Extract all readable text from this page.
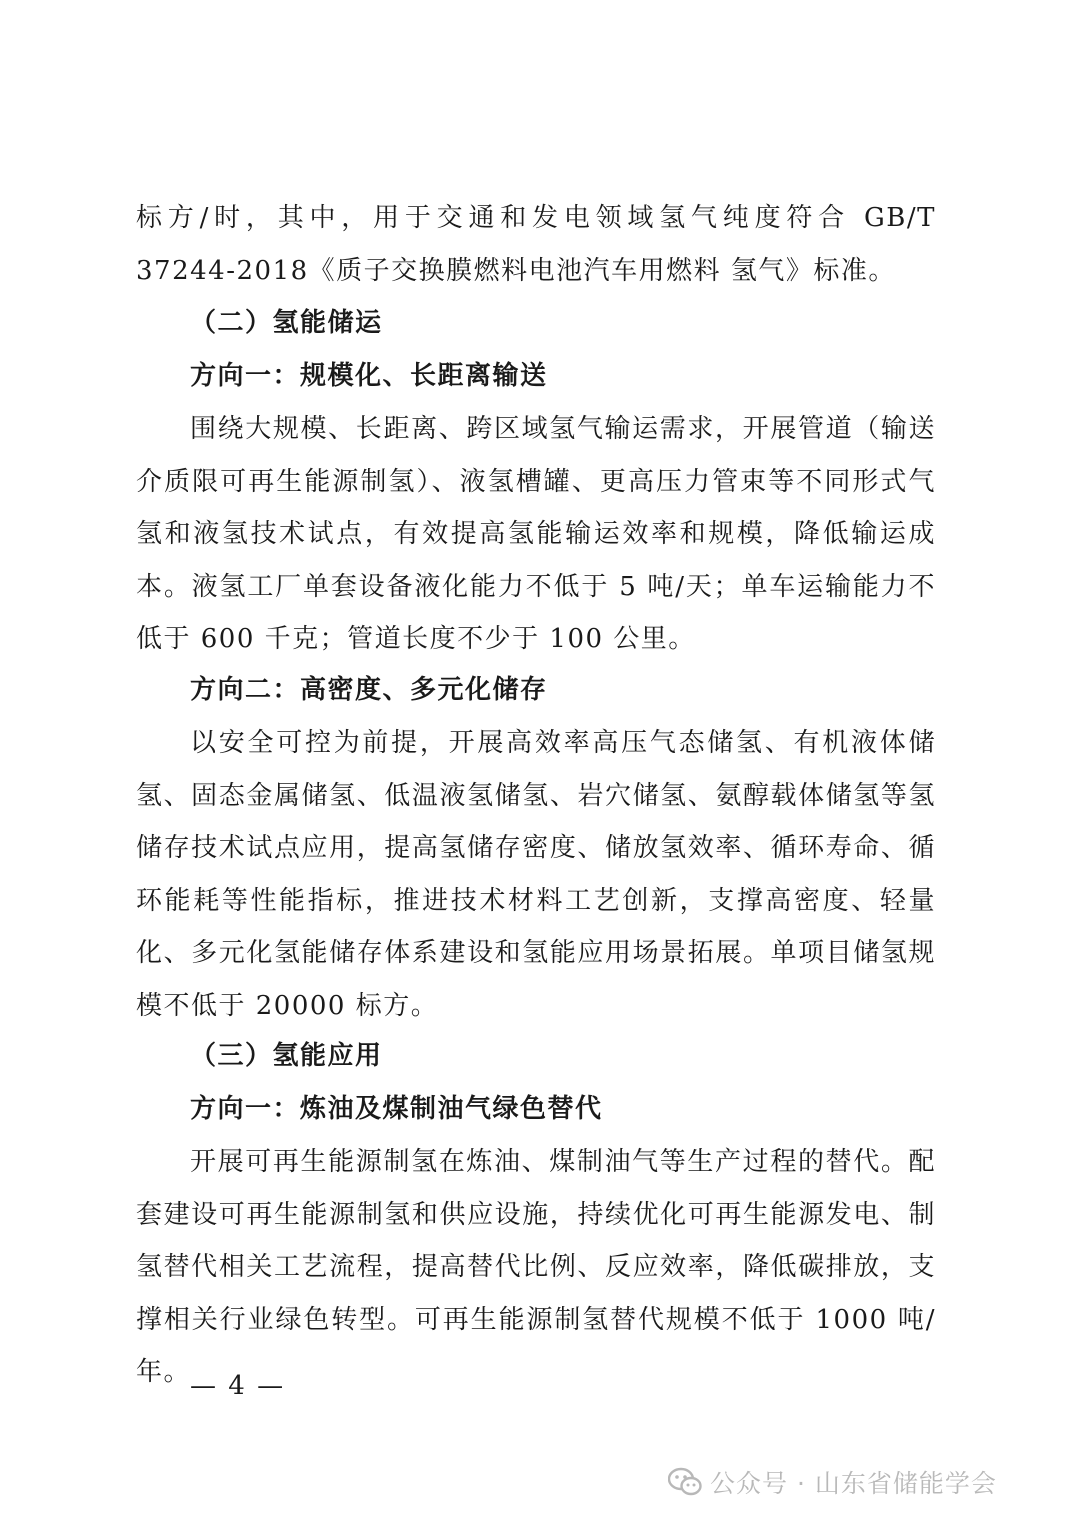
标方/时，其中，用于交通和发电领域氢气纯度符合 GB/T 37244-2018《质子交换膜燃料电池汽车用燃料 氢气》标准。

（二）氢能储运
方向一：规模化、长距离输送

围绕大规模、长距离、跨区域氢气输运需求，开展管道（输送介质限可再生能源制氢）、液氢槽罐、更高压力管束等不同形式气氢和液氢技术试点，有效提高氢能输运效率和规模，降低输运成本。液氢工厂单套设备液化能力不低于 5 吨/天；单车运输能力不低于 600 千克；管道长度不少于 100 公里。

方向二：高密度、多元化储存

以安全可控为前提，开展高效率高压气态储氢、有机液体储氢、固态金属储氢、低温液氢储氢、岩穴储氢、氨醇载体储氢等氢储存技术试点应用，提高氢储存密度、储放氢效率、循环寿命、循环能耗等性能指标，推进技术材料工艺创新，支撑高密度、轻量化、多元化氢能储存体系建设和氢能应用场景拓展。单项目储氢规模不低于 20000 标方。

（三）氢能应用
方向一：炼油及煤制油气绿色替代

开展可再生能源制氢在炼油、煤制油气等生产过程的替代。配套建设可再生能源制氢和供应设施，持续优化可再生能源发电、制氢替代相关工艺流程，提高替代比例、反应效率，降低碳排放，支撑相关行业绿色转型。可再生能源制氢替代规模不低于 1000 吨/年。

— 4 —
公众号 · 山东省储能学会
